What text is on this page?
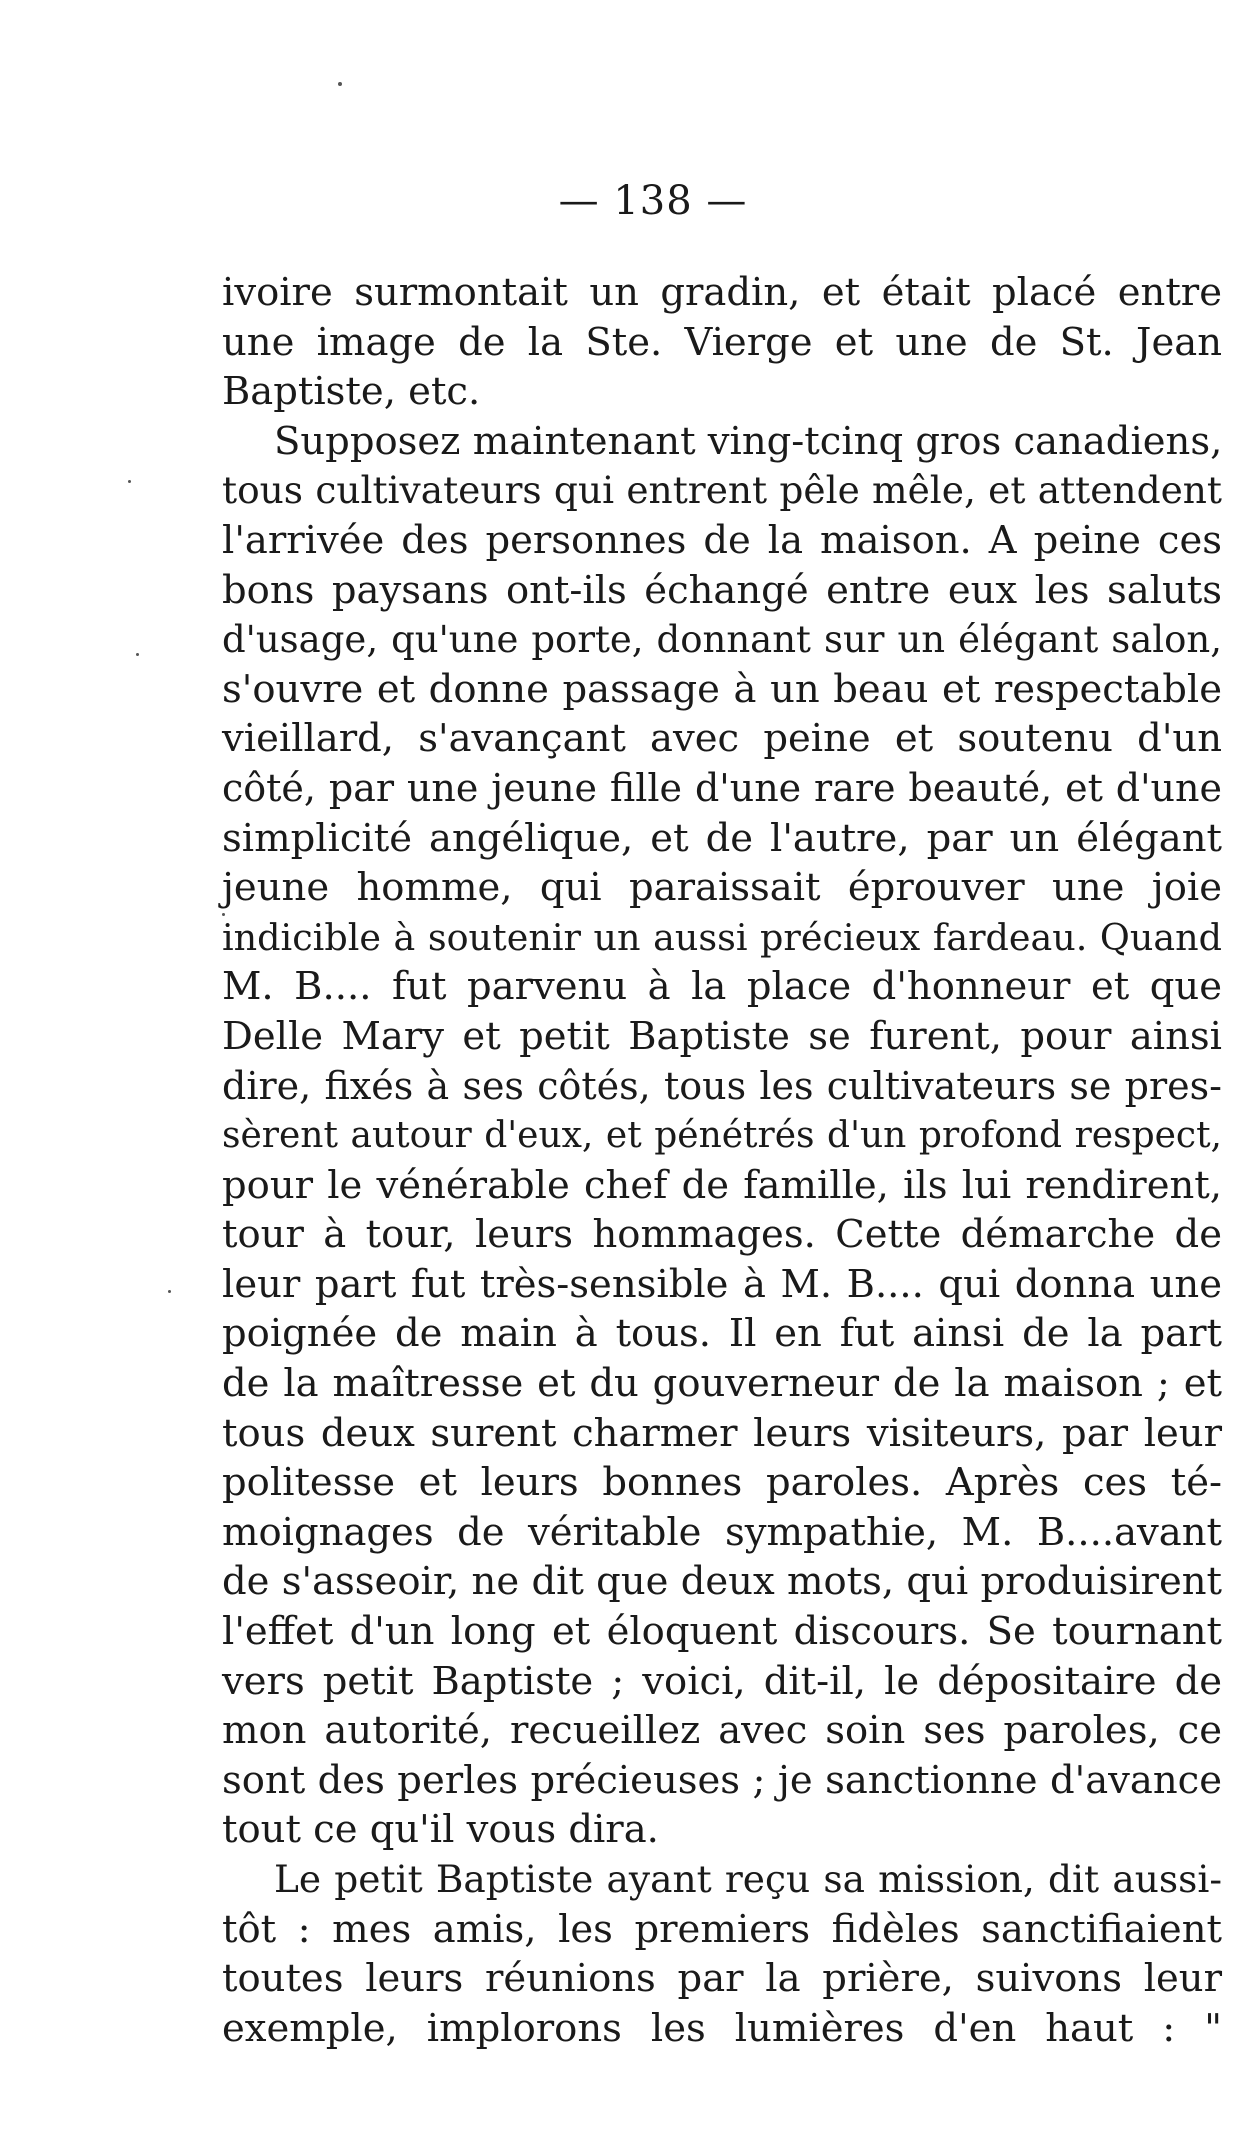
— 138 —
ivoire surmontait un gradin, et était placé entre
une image de la Ste. Vierge et une de St. Jean
Baptiste, etc.
Supposez maintenant ving-tcinq gros canadiens,
tous cultivateurs qui entrent pêle mêle, et attendent
l'arrivée des personnes de la maison. A peine ces
bons paysans ont-ils échangé entre eux les saluts
d'usage, qu'une porte, donnant sur un élégant salon,
s'ouvre et donne passage à un beau et respectable
vieillard, s'avançant avec peine et soutenu d'un
côté, par une jeune fille d'une rare beauté, et d'une
simplicité angélique, et de l'autre, par un élégant
jeune homme, qui paraissait éprouver une joie
indicible à soutenir un aussi précieux fardeau. Quand
M. B.... fut parvenu à la place d'honneur et que
Delle Mary et petit Baptiste se furent, pour ainsi
dire, fixés à ses côtés, tous les cultivateurs se pres-
sèrent autour d'eux, et pénétrés d'un profond respect,
pour le vénérable chef de famille, ils lui rendirent,
tour à tour, leurs hommages. Cette démarche de
leur part fut très-sensible à M. B.... qui donna une
poignée de main à tous. Il en fut ainsi de la part
de la maîtresse et du gouverneur de la maison ; et
tous deux surent charmer leurs visiteurs, par leur
politesse et leurs bonnes paroles. Après ces té-
moignages de véritable sympathie, M. B....avant
de s'asseoir, ne dit que deux mots, qui produisirent
l'effet d'un long et éloquent discours. Se tournant
vers petit Baptiste ; voici, dit-il, le dépositaire de
mon autorité, recueillez avec soin ses paroles, ce
sont des perles précieuses ; je sanctionne d'avance
tout ce qu'il vous dira.
Le petit Baptiste ayant reçu sa mission, dit aussi-
tôt : mes amis, les premiers fidèles sanctifiaient
toutes leurs réunions par la prière, suivons leur
exemple, implorons les lumières d'en haut : "
